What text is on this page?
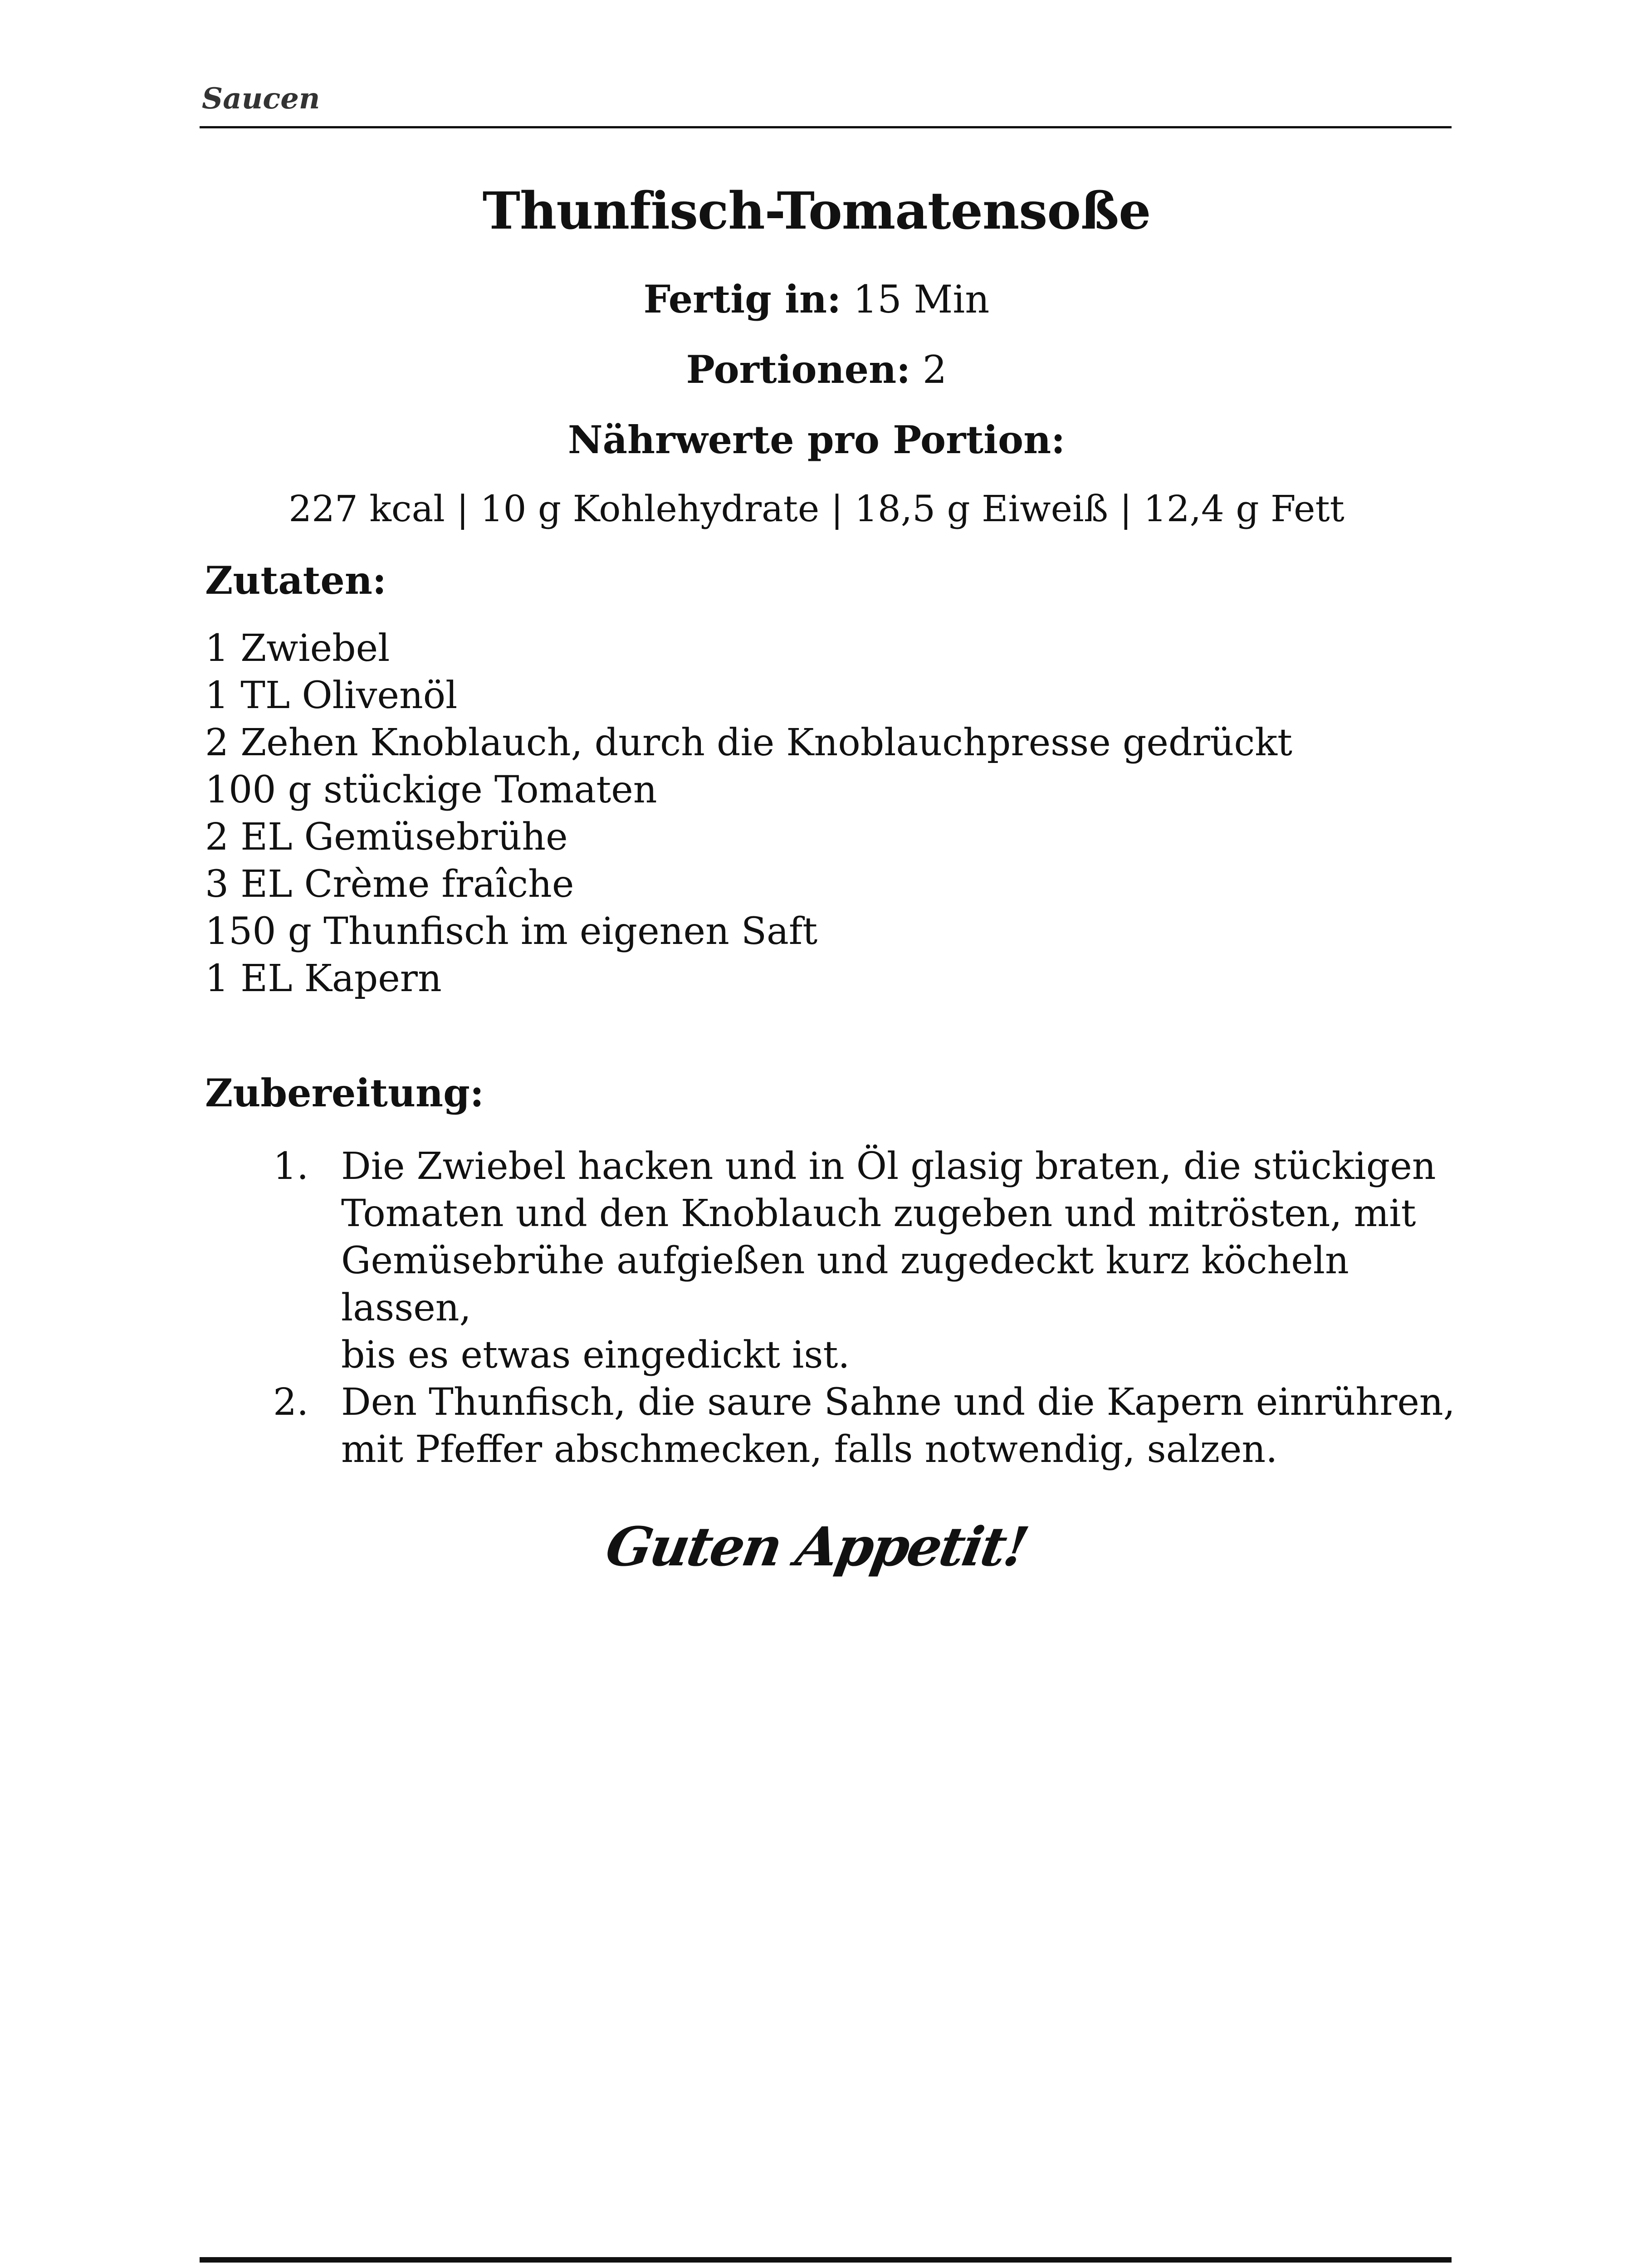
Saucen
Thunfisch-Tomatensoße
Fertig in: 15 Min
Portionen: 2
Nährwerte pro Portion:
227 kcal | 10 g Kohlehydrate | 18,5 g Eiweiß | 12,4 g Fett
Zutaten:
1 Zwiebel
1 TL Olivenöl
2 Zehen Knoblauch, durch die Knoblauchpresse gedrückt
100 g stückige Tomaten
2 EL Gemüsebrühe
3 EL Crème fraîche
150 g Thunfisch im eigenen Saft
1 EL Kapern
Zubereitung:
1. Die Zwiebel hacken und in Öl glasig braten, die stückigen
Tomaten und den Knoblauch zugeben und mitrösten, mit
Gemüsebrühe aufgießen und zugedeckt kurz köcheln lassen,
bis es etwas eingedickt ist.
2. Den Thunfisch, die saure Sahne und die Kapern einrühren,
mit Pfeffer abschmecken, falls notwendig, salzen.
Guten Appetit!
